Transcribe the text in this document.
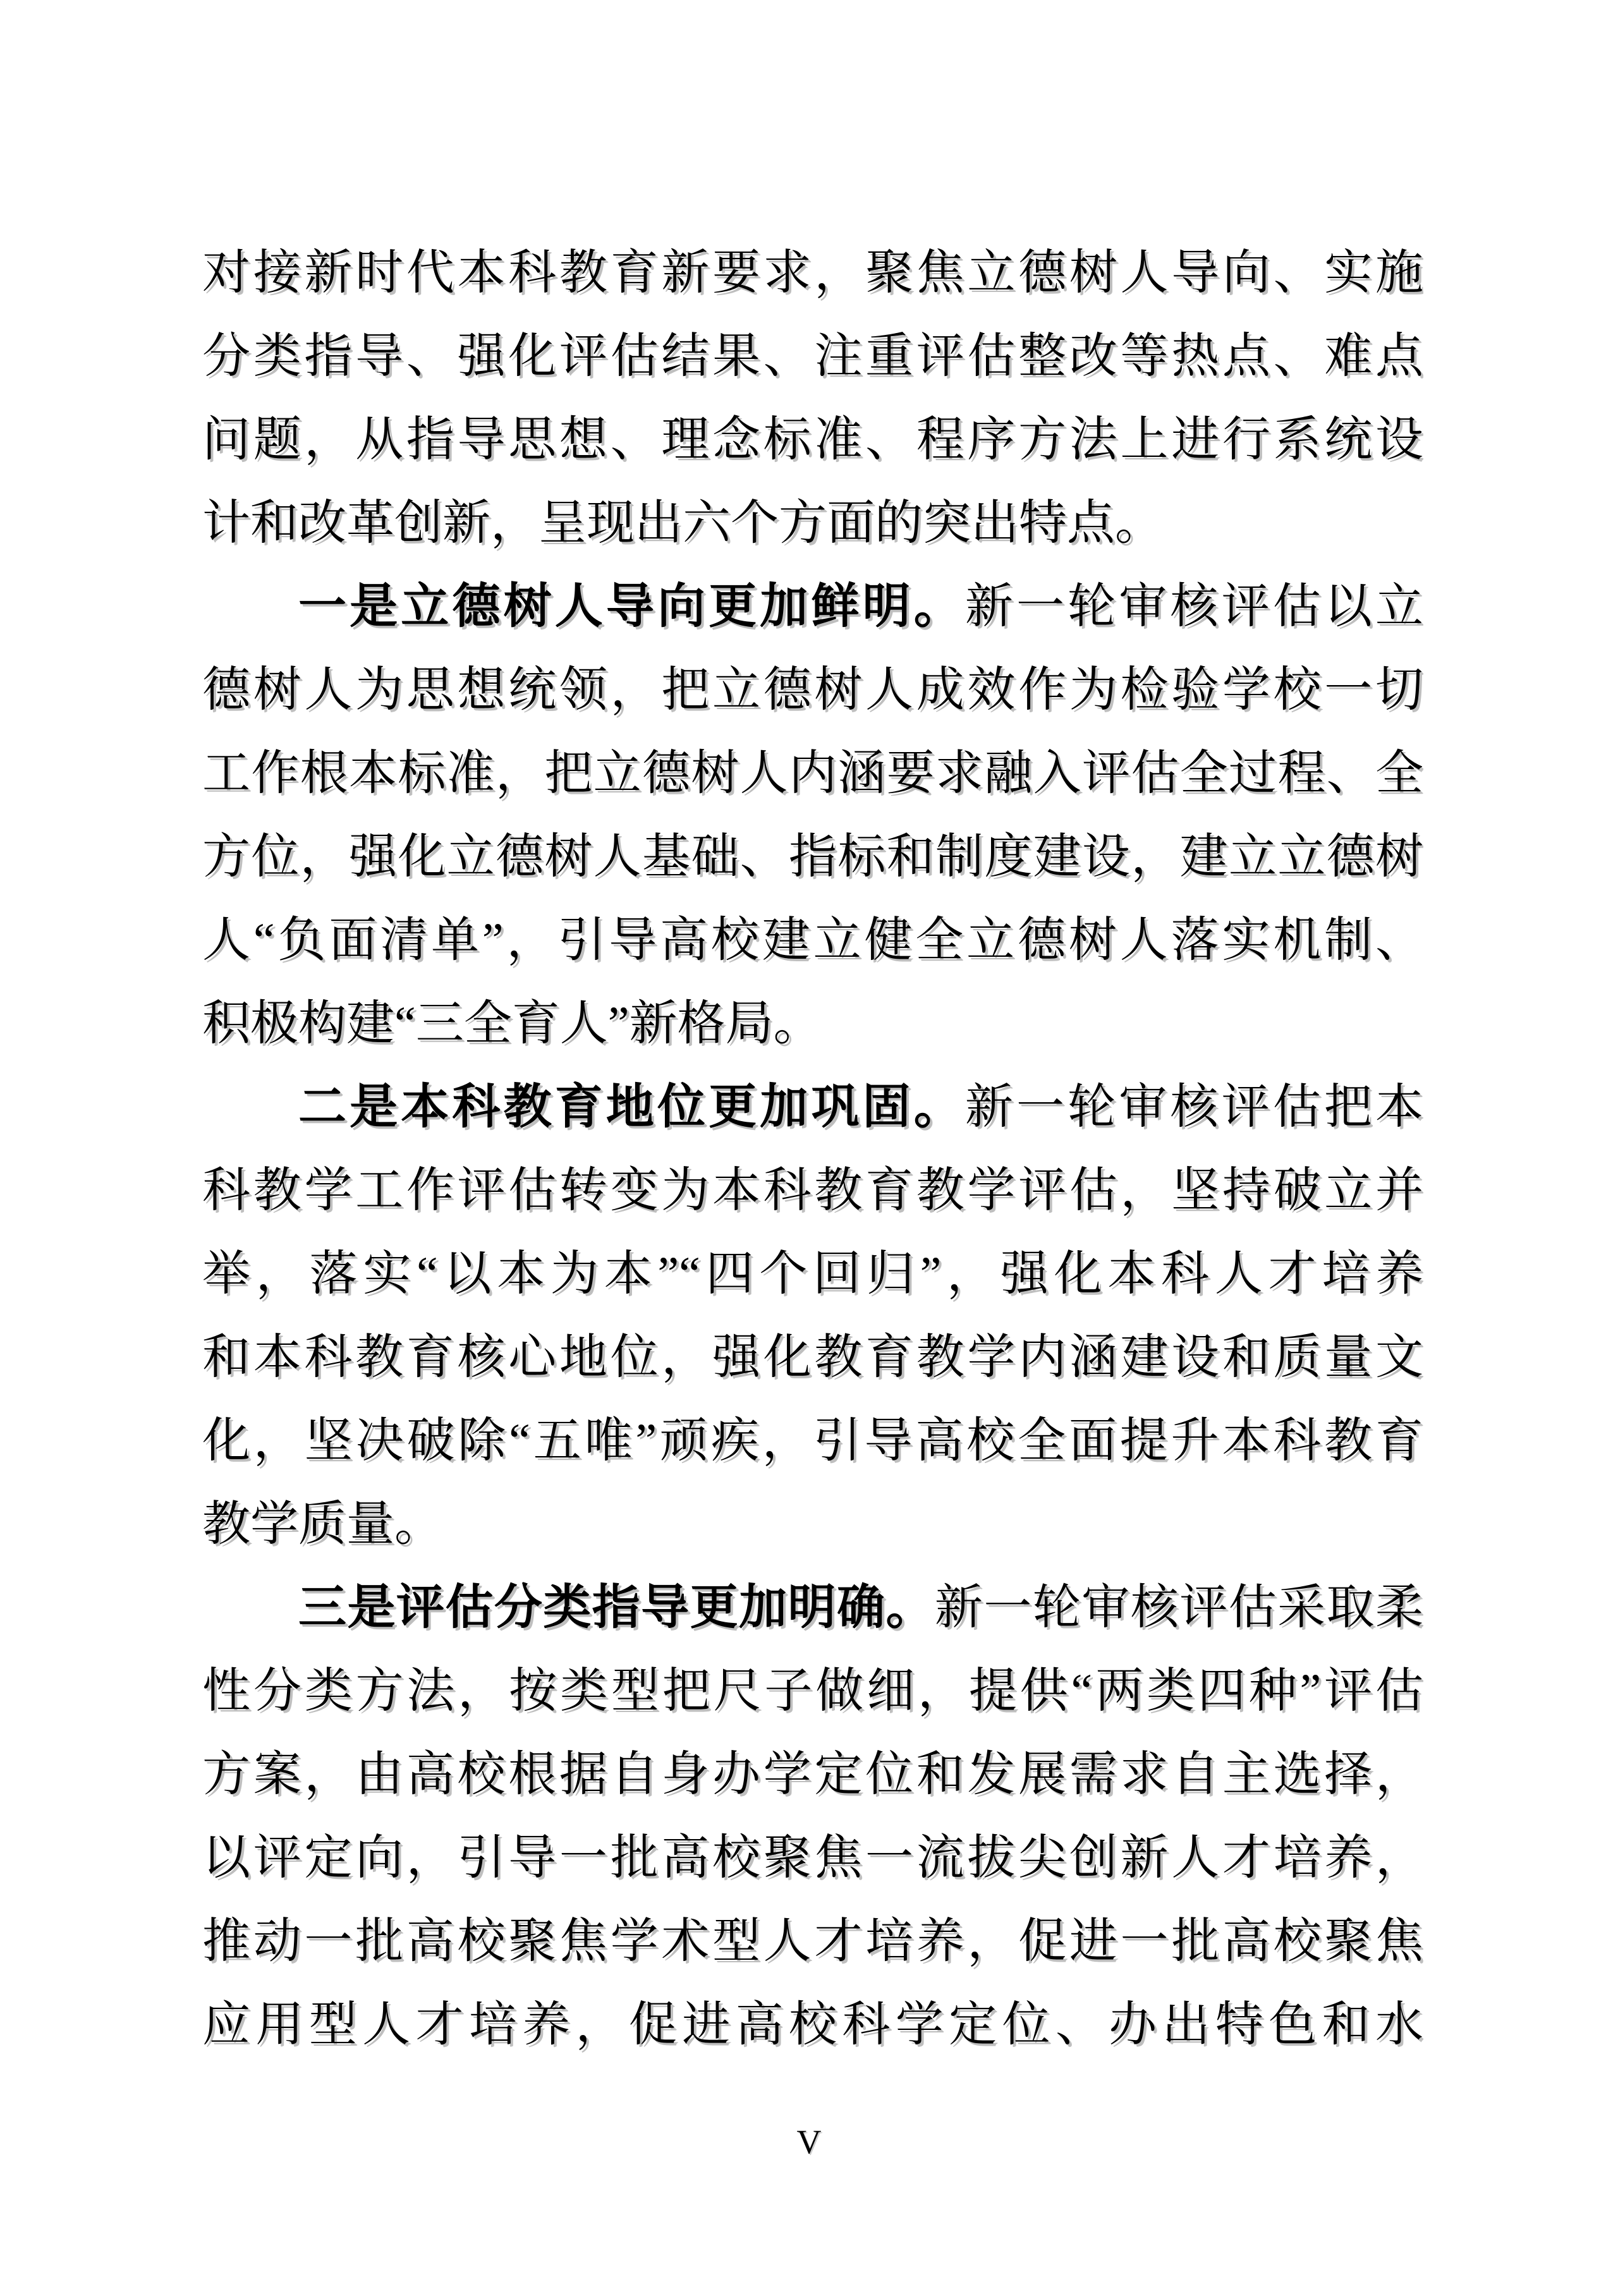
对接新时代本科教育新要求，聚焦立德树人导向、实施

分类指导、强化评估结果、注重评估整改等热点、难点

问题，从指导思想、理念标准、程序方法上进行系统设

计和改革创新，呈现出六个方面的突出特点。

一是立德树人导向更加鲜明。新一轮审核评估以立

德树人为思想统领，把立德树人成效作为检验学校一切

工作根本标准，把立德树人内涵要求融入评估全过程、全

方位，强化立德树人基础、指标和制度建设，建立立德树

人“负面清单”，引导高校建立健全立德树人落实机制、

积极构建“三全育人”新格局。

二是本科教育地位更加巩固。新一轮审核评估把本

科教学工作评估转变为本科教育教学评估，坚持破立并

举，落实“以本为本”“四个回归”，强化本科人才培养

和本科教育核心地位，强化教育教学内涵建设和质量文

化，坚决破除“五唯”顽疾，引导高校全面提升本科教育

教学质量。

三是评估分类指导更加明确。新一轮审核评估采取柔

性分类方法，按类型把尺子做细，提供“两类四种”评估

方案，由高校根据自身办学定位和发展需求自主选择，

以评定向，引导一批高校聚焦一流拔尖创新人才培养，

推动一批高校聚焦学术型人才培养，促进一批高校聚焦

应用型人才培养，促进高校科学定位、办出特色和水

V
